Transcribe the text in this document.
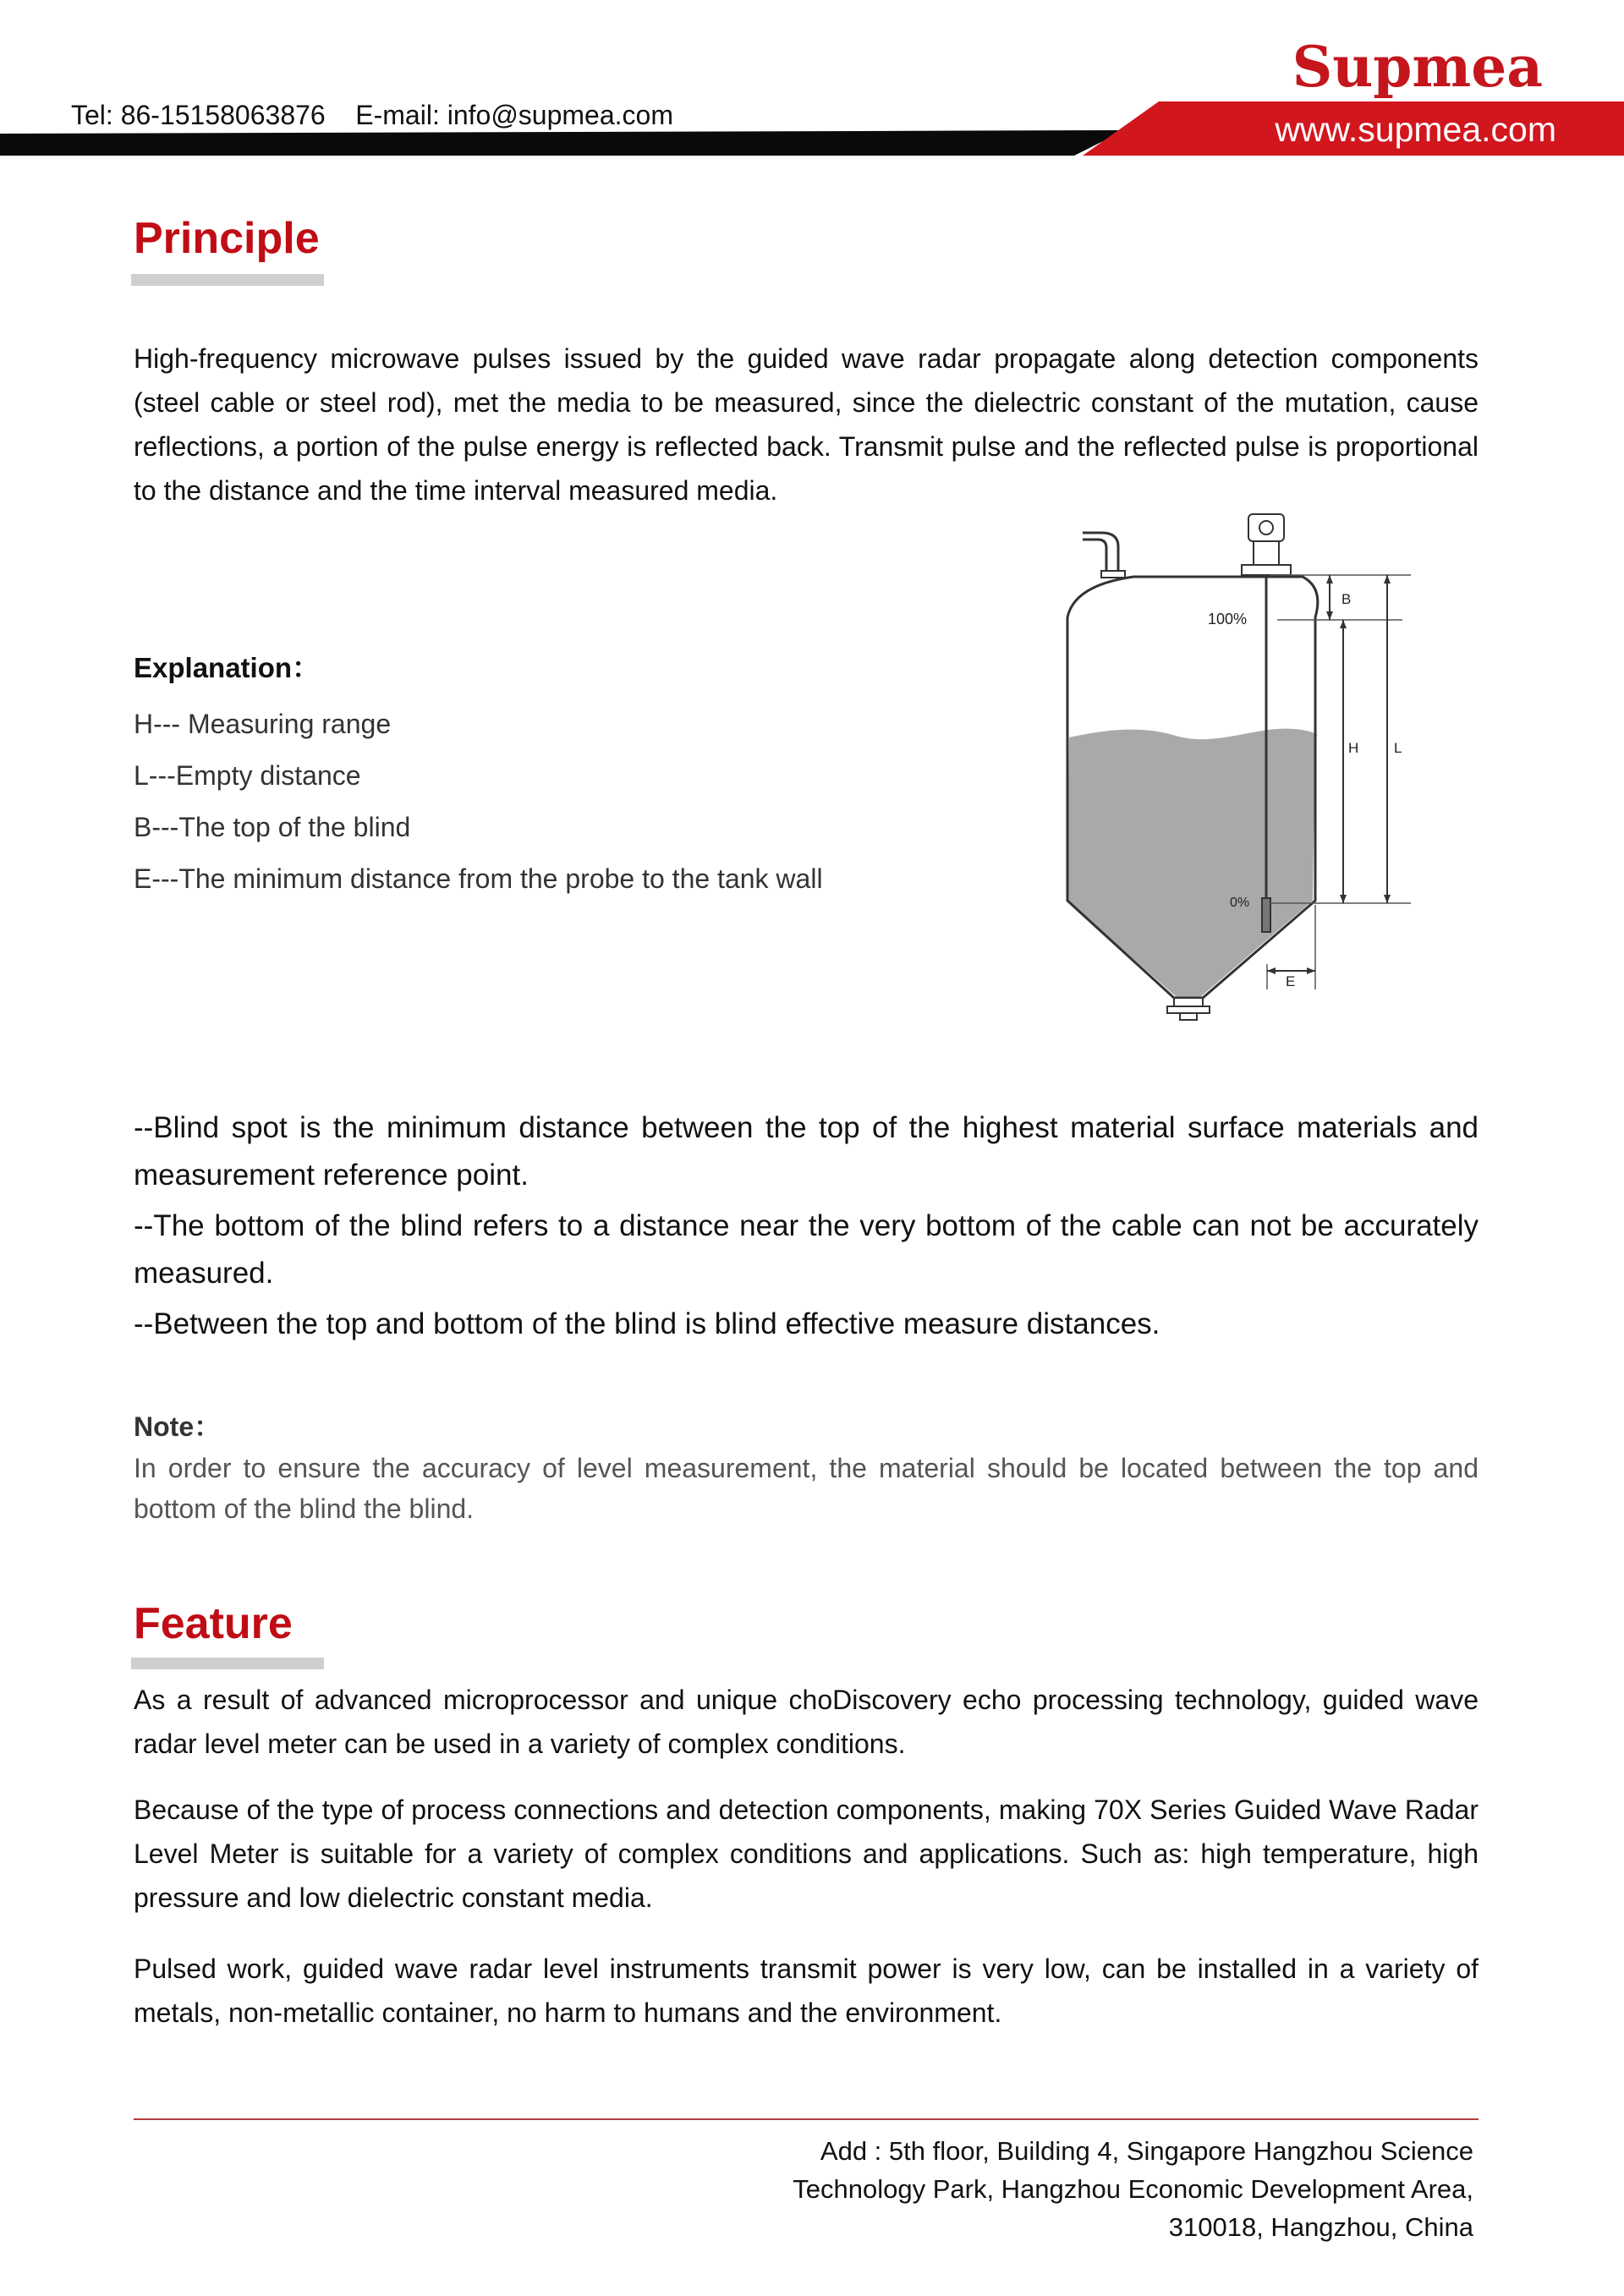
Tel: 86-15158063876 E-mail: info@supmea.com
Supmea
www.supmea.com
Principle
High-frequency microwave pulses issued by the guided wave radar propagate along detection components (steel cable or steel rod), met the media to be measured, since the dielectric constant of the mutation, cause reflections, a portion of the pulse energy is reflected back. Transmit pulse and the reflected pulse is proportional to the distance and the time interval measured media.
Explanation：
H--- Measuring range
L---Empty distance
B---The top of the blind
E---The minimum distance from the probe to the tank wall
100%
0%
B
H L
E
--Blind spot is the minimum distance between the top of the highest material surface materials and measurement reference point.
--The bottom of the blind refers to a distance near the very bottom of the cable can not be accurately measured.
--Between the top and bottom of the blind is blind effective measure distances.
Note：
In order to ensure the accuracy of level measurement, the material should be located between the top and bottom of the blind the blind.
Feature
As a result of advanced microprocessor and unique choDiscovery echo processing technology, guided wave radar level meter can be used in a variety of complex conditions.
Because of the type of process connections and detection components, making 70X Series Guided Wave Radar Level Meter is suitable for a variety of complex conditions and applications. Such as: high temperature, high pressure and low dielectric constant media.
Pulsed work, guided wave radar level instruments transmit power is very low, can be installed in a variety of metals, non-metallic container, no harm to humans and the environment.
Add : 5th floor, Building 4, Singapore Hangzhou Science
Technology Park, Hangzhou Economic Development Area,
310018, Hangzhou, China
